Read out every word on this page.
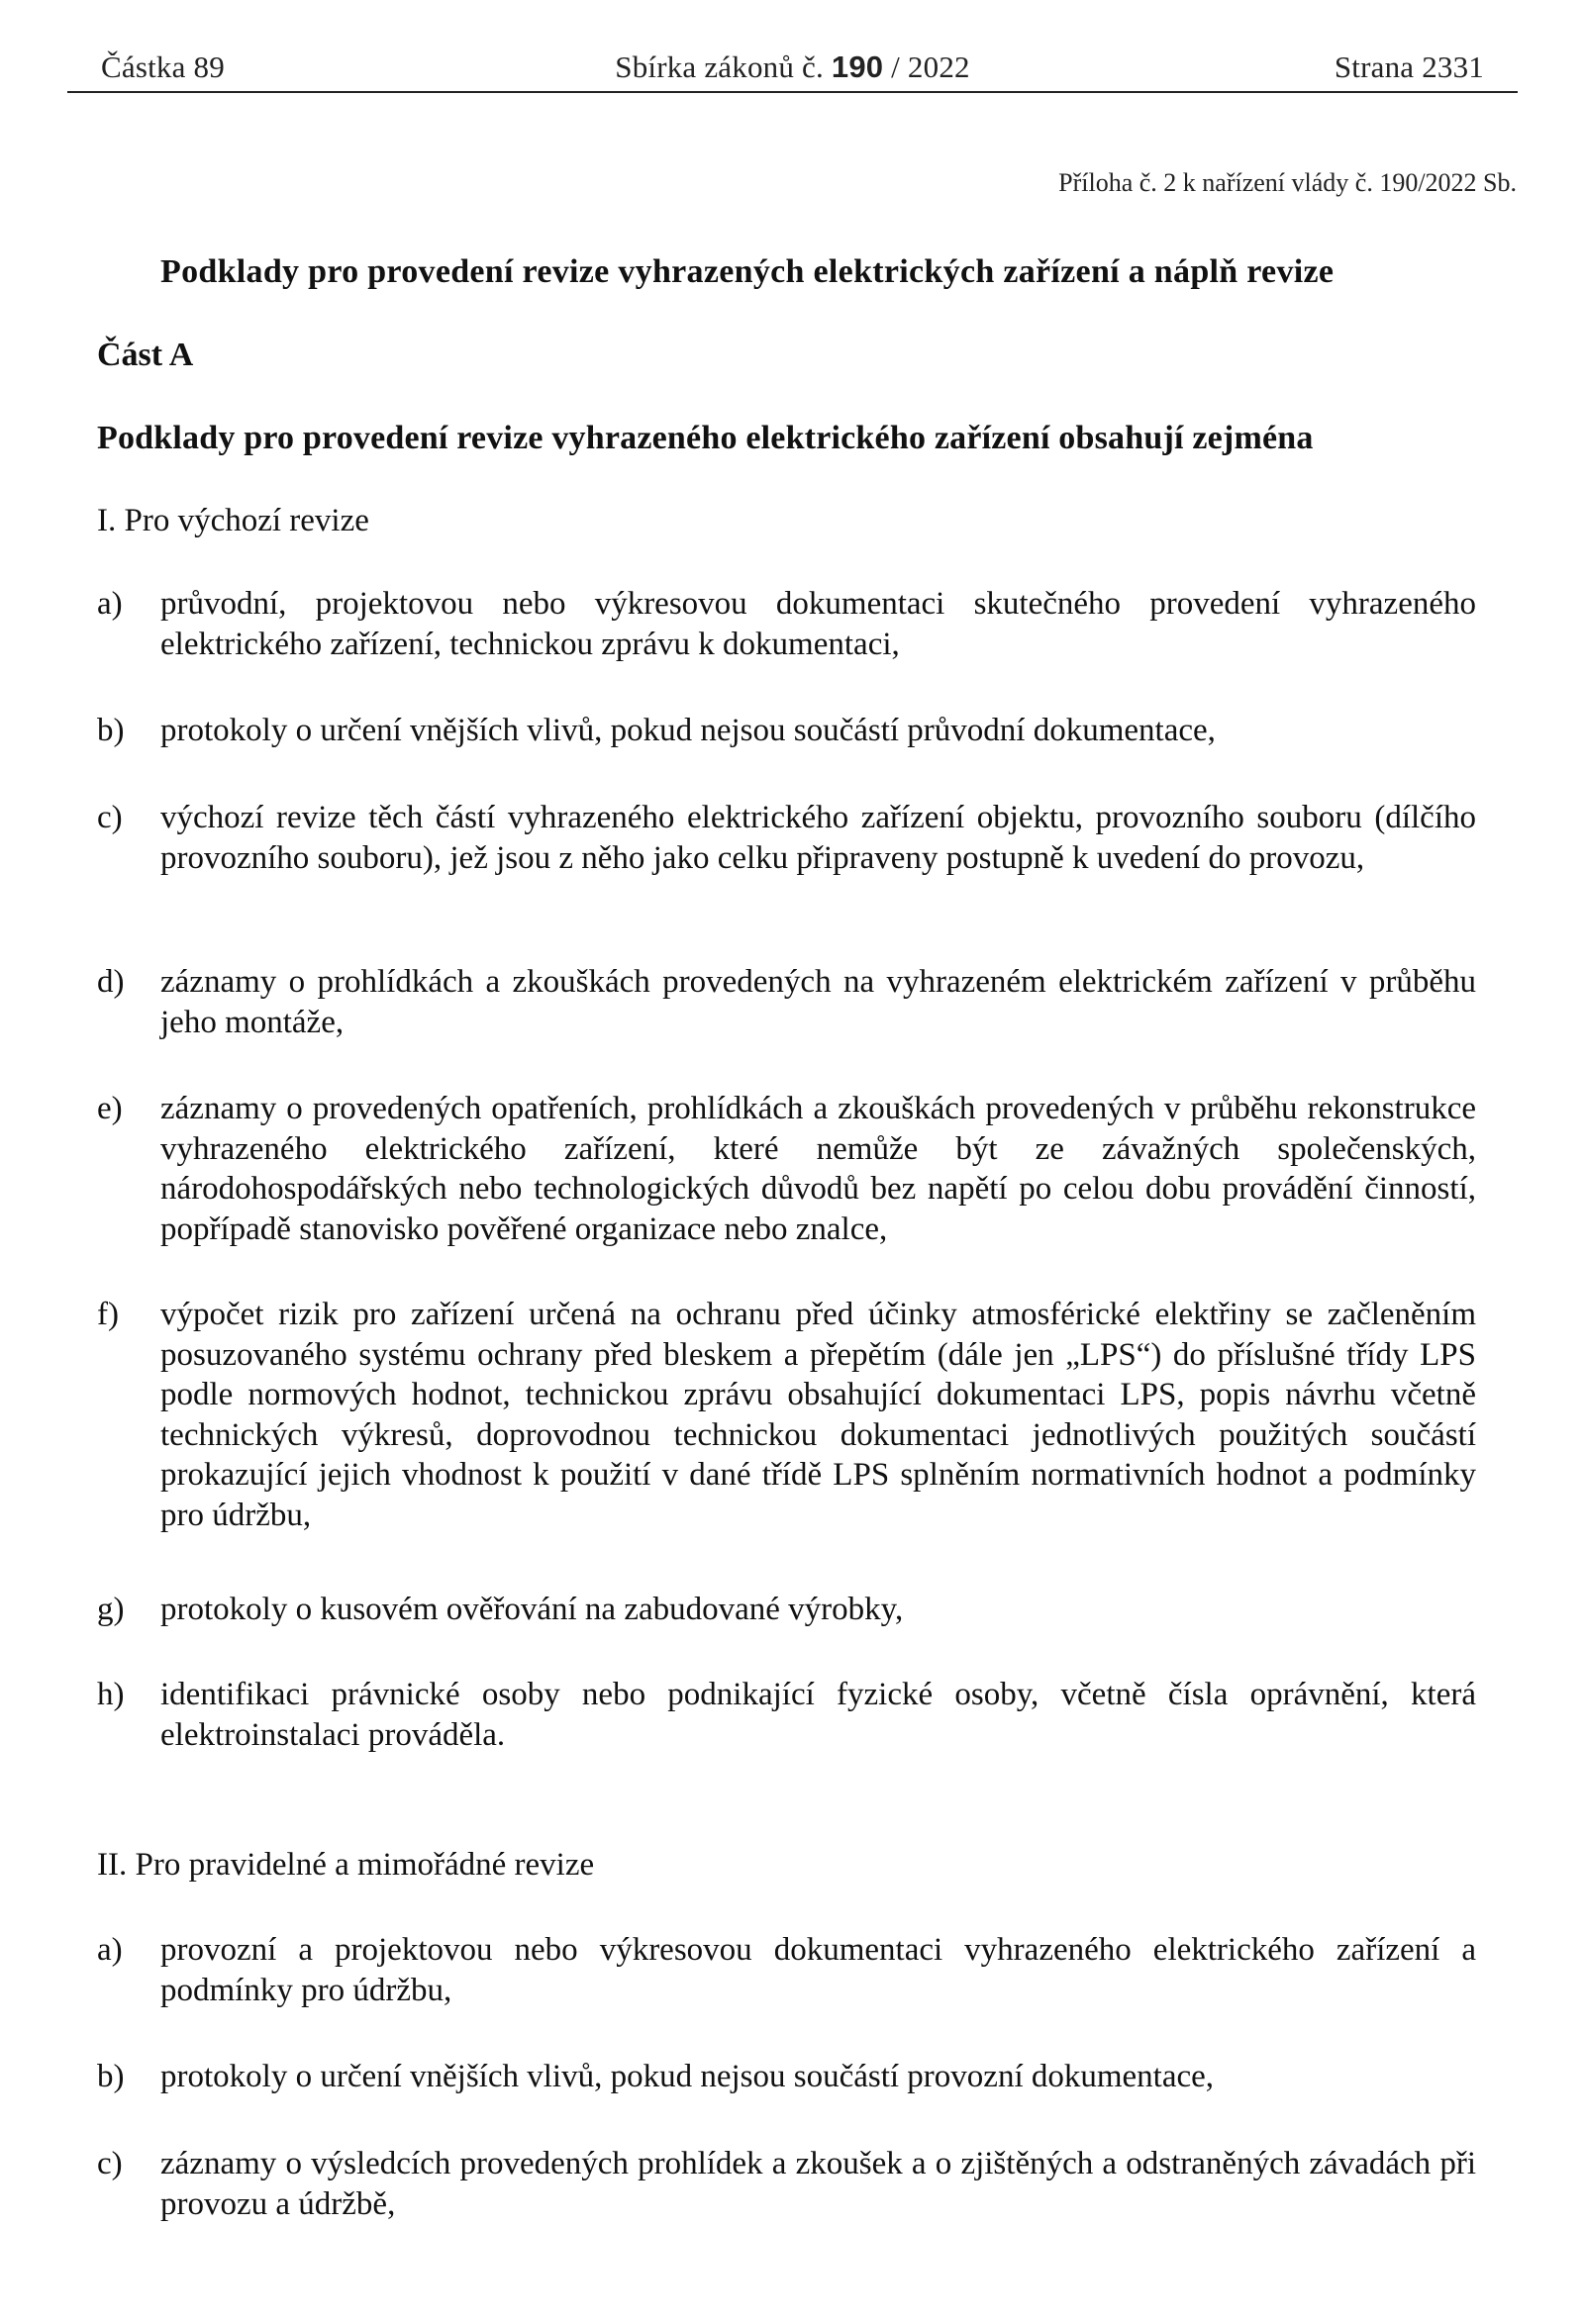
Částka 89	Sbírka zákonů č. 190 / 2022	Strana 2331
Příloha č. 2 k nařízení vlády č. 190/2022 Sb.
Podklady pro provedení revize vyhrazených elektrických zařízení a náplň revize
Část A
Podklady pro provedení revize vyhrazeného elektrického zařízení obsahují zejména
I. Pro výchozí revize
a) průvodní, projektovou nebo výkresovou dokumentaci skutečného provedení vyhrazeného elektrického zařízení, technickou zprávu k dokumentaci,
b) protokoly o určení vnějších vlivů, pokud nejsou součástí průvodní dokumentace,
c) výchozí revize těch částí vyhrazeného elektrického zařízení objektu, provozního souboru (dílčího provozního souboru), jež jsou z něho jako celku připraveny postupně k uvedení do provozu,
d) záznamy o prohlídkách a zkouškách provedených na vyhrazeném elektrickém zařízení v průběhu jeho montáže,
e) záznamy o provedených opatřeních, prohlídkách a zkouškách provedených v průběhu rekonstrukce vyhrazeného elektrického zařízení, které nemůže být ze závažných společenských, národohospodářských nebo technologických důvodů bez napětí po celou dobu provádění činností, popřípadě stanovisko pověřené organizace nebo znalce,
f) výpočet rizik pro zařízení určená na ochranu před účinky atmosférické elektřiny se začleněním posuzovaného systému ochrany před bleskem a přepětím (dále jen „LPS“) do příslušné třídy LPS podle normových hodnot, technickou zprávu obsahující dokumentaci LPS, popis návrhu včetně technických výkresů, doprovodnou technickou dokumentaci jednotlivých použitých součástí prokazující jejich vhodnost k použití v dané třídě LPS splněním normativních hodnot a podmínky pro údržbu,
g) protokoly o kusovém ověřování na zabudované výrobky,
h) identifikaci právnické osoby nebo podnikající fyzické osoby, včetně čísla oprávnění, která elektroinstalaci prováděla.
II. Pro pravidelné a mimořádné revize
a) provozní a projektovou nebo výkresovou dokumentaci vyhrazeného elektrického zařízení a podmínky pro údržbu,
b) protokoly o určení vnějších vlivů, pokud nejsou součástí provozní dokumentace,
c) záznamy o výsledcích provedených prohlídek a zkoušek a o zjištěných a odstraněných závadách při provozu a údržbě,
